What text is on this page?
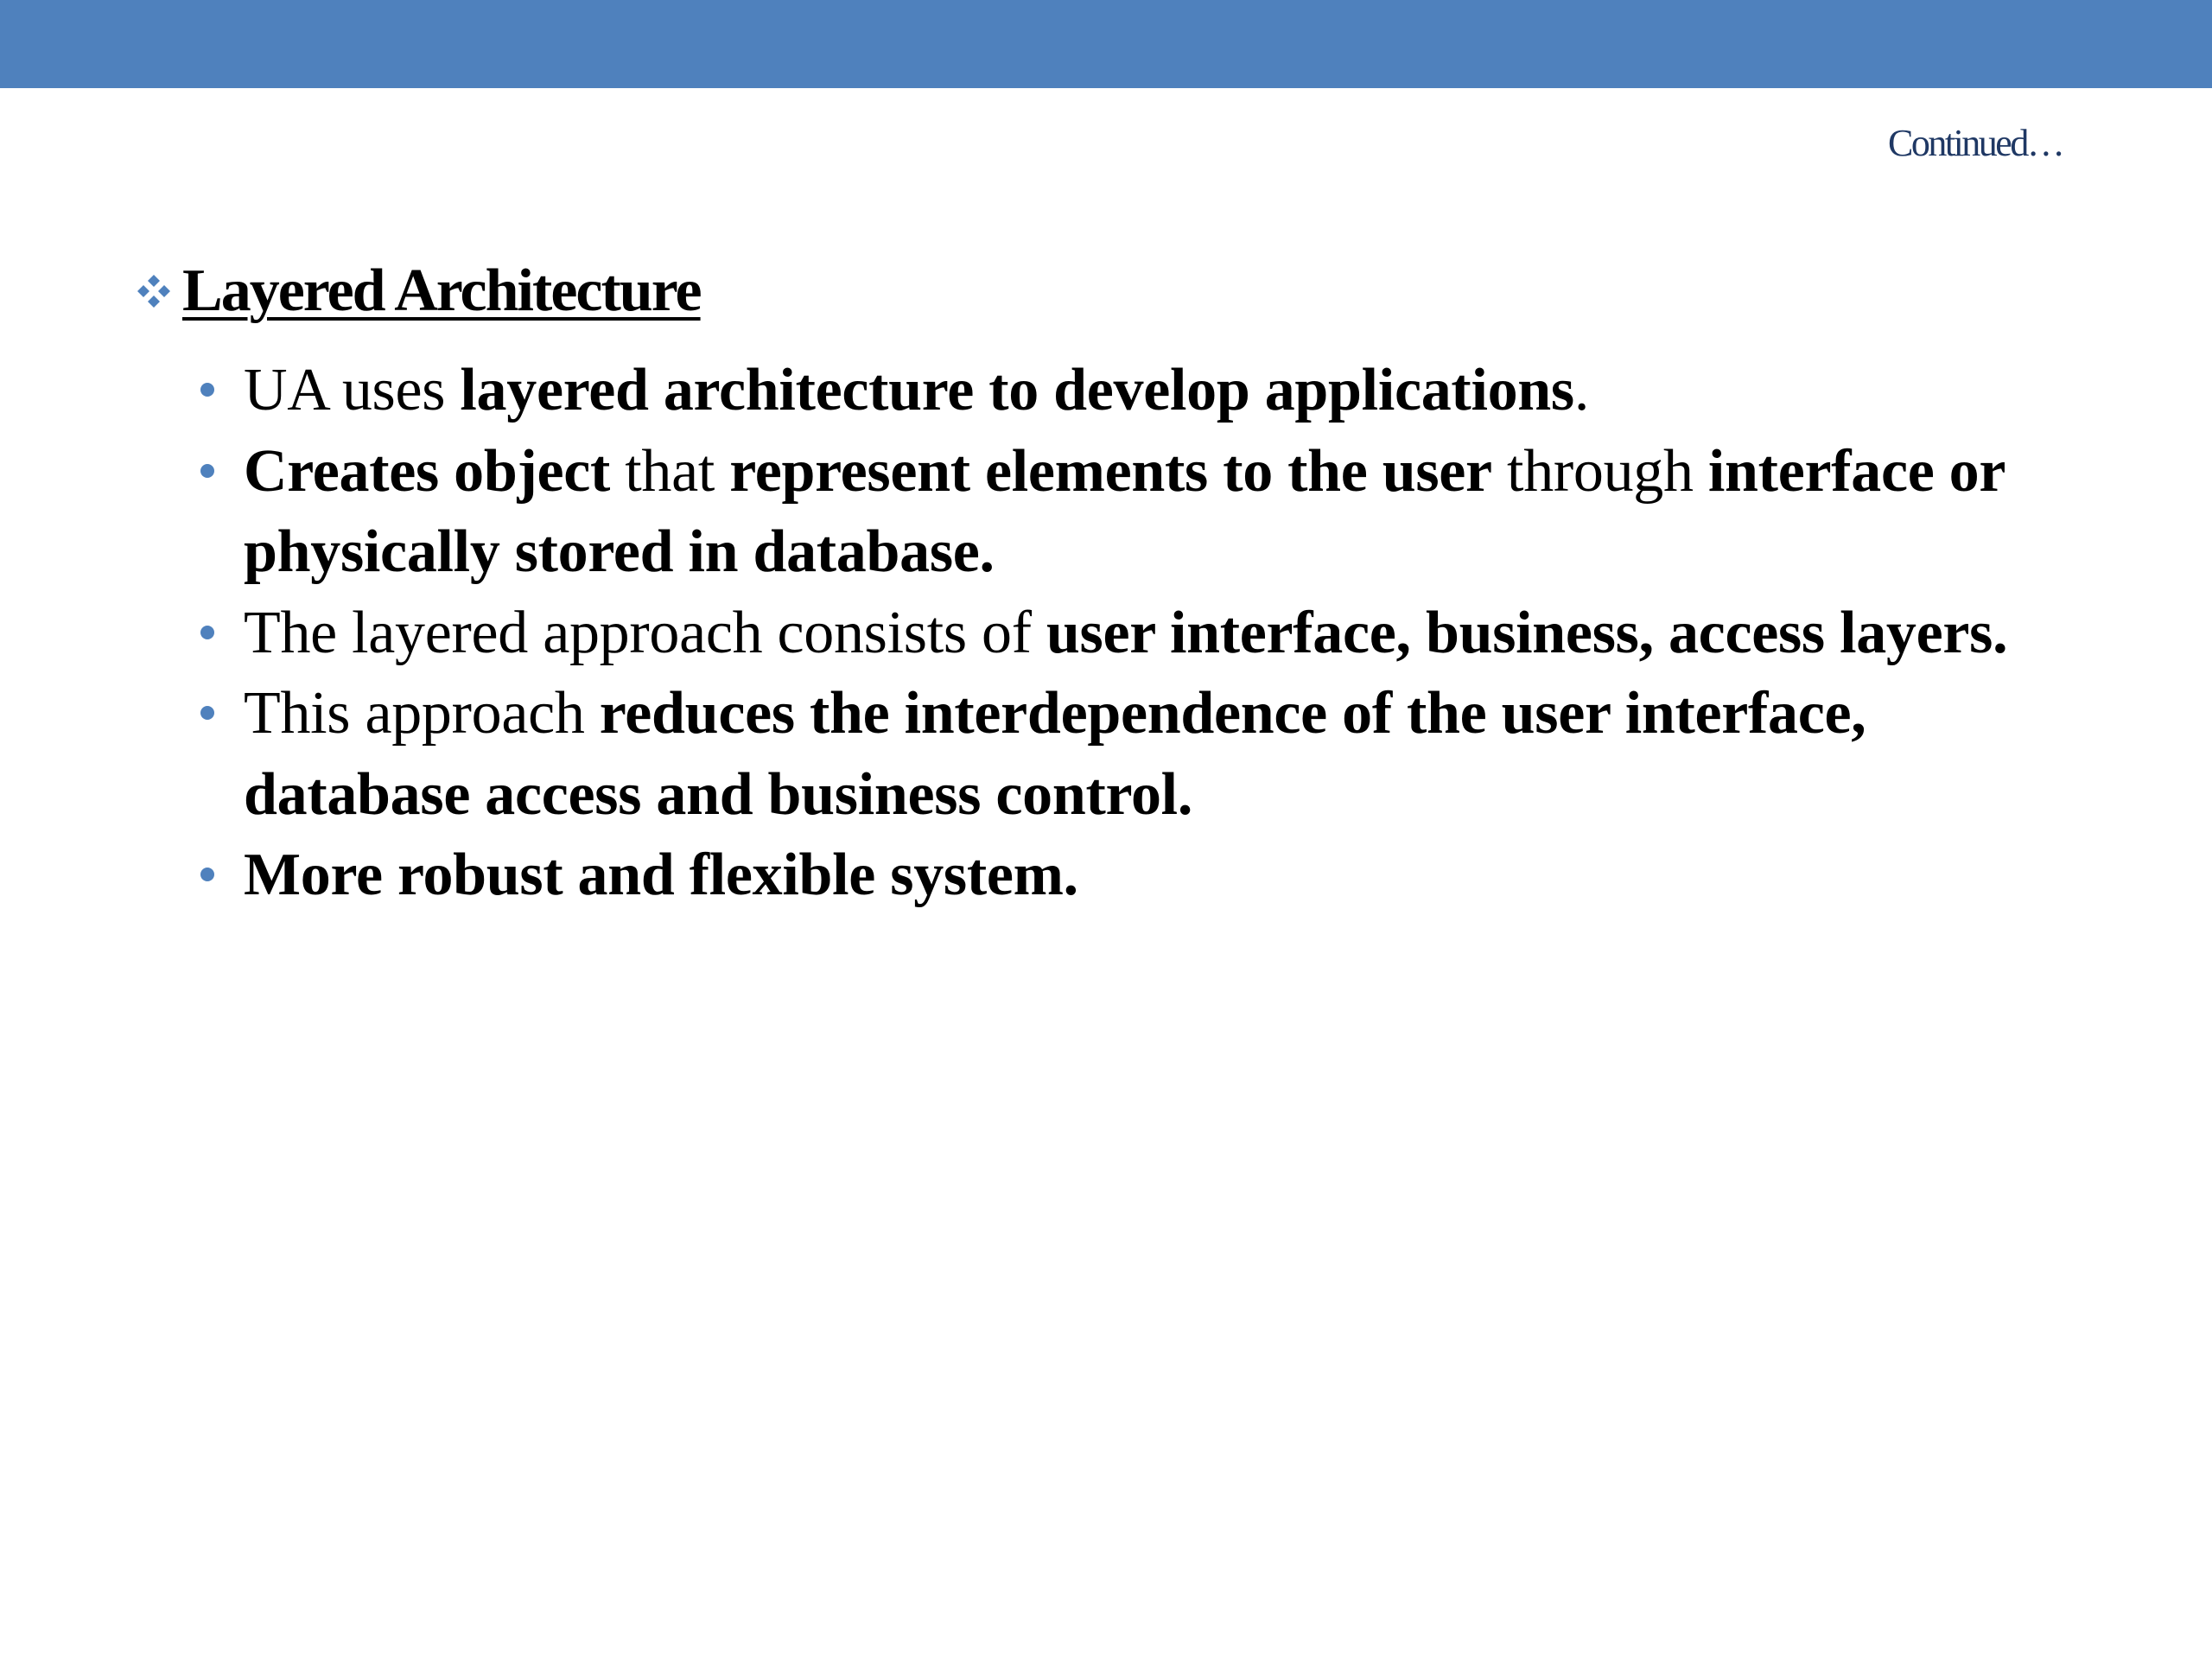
Continued…
Layered Architecture
UA uses layered architecture to develop applications.
Creates object that represent elements to the user through interface or physically stored in database.
The layered approach consists of user interface, business, access layers.
This approach reduces the interdependence of the user interface, database access and business control.
More robust and flexible system.
